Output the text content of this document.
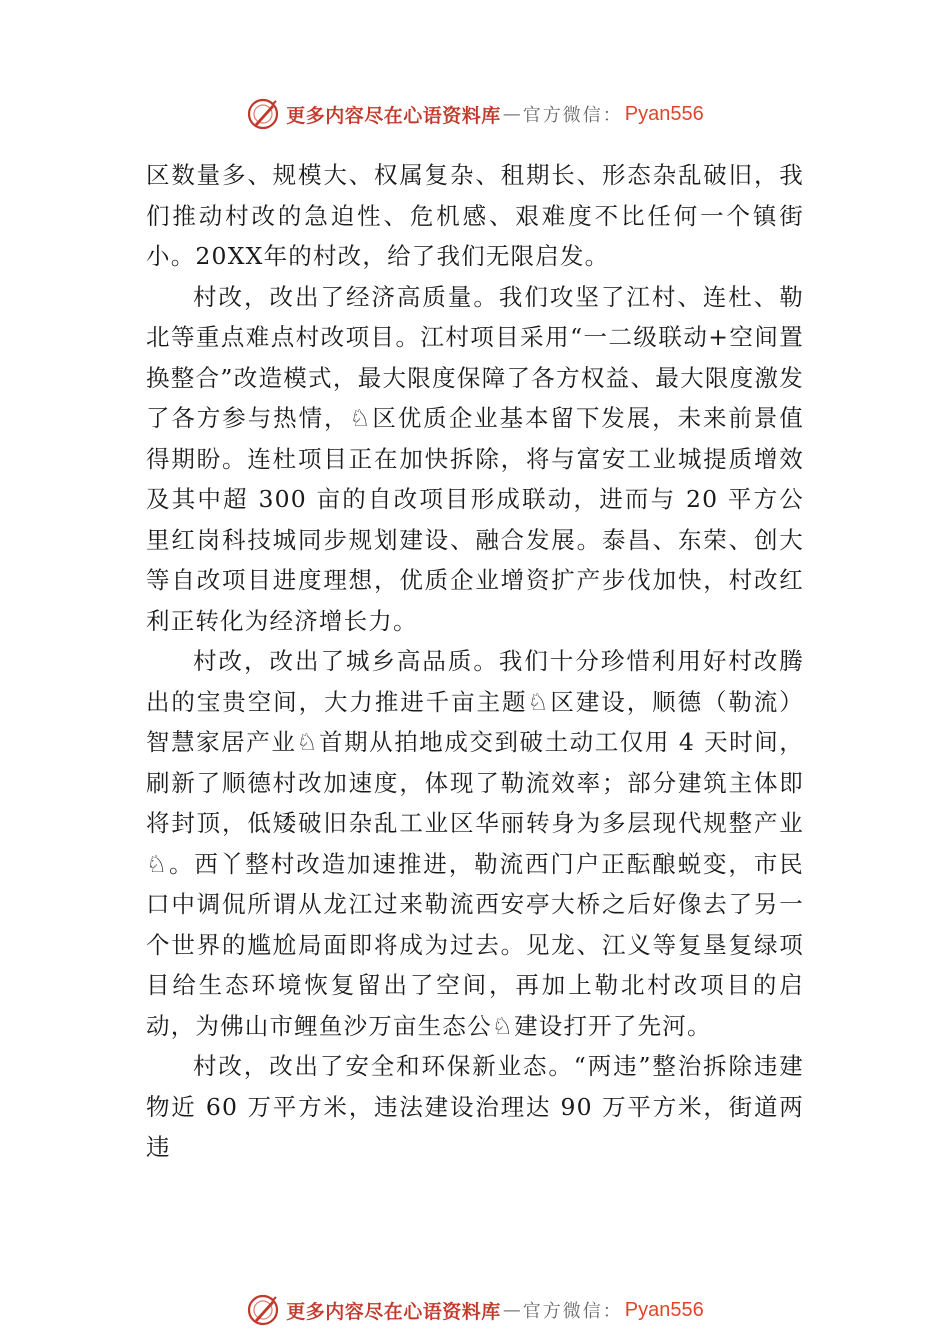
更多内容尽在心语资料库 — 官方微信： Pyan556

区数量多、规模大、权属复杂、租期长、形态杂乱破旧，我们推动村改的急迫性、危机感、艰难度不比任何一个镇街小。20XX年的村改，给了我们无限启发。

村改，改出了经济高质量。我们攻坚了江村、连杜、勒北等重点难点村改项目。江村项目采用“一二级联动+空间置换整合”改造模式，最大限度保障了各方权益、最大限度激发了各方参与热情，♘区优质企业基本留下发展，未来前景值得期盼。连杜项目正在加快拆除，将与富安工业城提质增效及其中超 300 亩的自改项目形成联动，进而与 20 平方公里红岗科技城同步规划建设、融合发展。泰昌、东荣、创大等自改项目进度理想，优质企业增资扩产步伐加快，村改红利正转化为经济增长力。

村改，改出了城乡高品质。我们十分珍惜利用好村改腾出的宝贵空间，大力推进千亩主题♘区建设，顺德（勒流）智慧家居产业♘首期从拍地成交到破土动工仅用 4 天时间，刷新了顺德村改加速度，体现了勒流效率；部分建筑主体即将封顶，低矮破旧杂乱工业区华丽转身为多层现代规整产业♘。西丫整村改造加速推进，勒流西门户正酝酿蜕变，市民口中调侃所谓从龙江过来勒流西安亭大桥之后好像去了另一个世界的尴尬局面即将成为过去。见龙、江义等复垦复绿项目给生态环境恢复留出了空间，再加上勒北村改项目的启动，为佛山市鲤鱼沙万亩生态公♘建设打开了先河。

村改，改出了安全和环保新业态。“两违”整治拆除违建物近 60 万平方米，违法建设治理达 90 万平方米，街道两违

更多内容尽在心语资料库 — 官方微信： Pyan556
